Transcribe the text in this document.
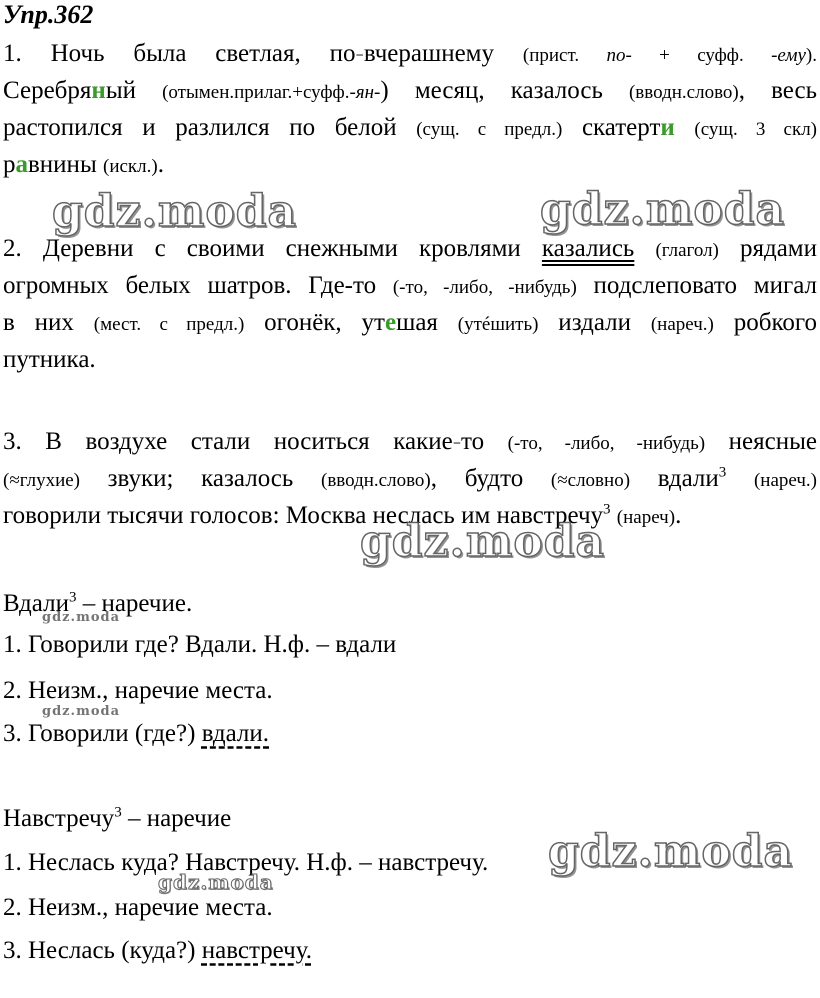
Упр.362
1. Ночь была светлая, по-вчерашнему (прист. по- + суфф. -ему).
Серебряный (отымен.прилаг.+суфф.-ян-) месяц, казалось (вводн.слово), весь
растопился и разлился по белой (сущ. с предл.) скатерти (сущ. 3 скл)
равнины (искл.).
2. Деревни с своими снежными кровлями казались (глагол) рядами
огромных белых шатров. Где-то (-то, -либо, -нибудь) подслеповато мигал
в них (мест. с предл.) огонёк, утешая (утéшить) издали (нареч.) робкого
путника.
3. В воздухе стали носиться какие-то (-то, -либо, -нибудь) неясные
(≈глухие) звуки; казалось (вводн.слово), будто (≈словно) вдали$^3$ (нареч.)
говорили тысячи голосов: Москва неслась им навстречу$^3$ (нареч).
Вдали$^3$ – наречие.
1. Говорили где? Вдали. Н.ф. – вдали
2. Неизм., наречие места.
3. Говорили (где?) вдали.
Навстречу$^3$ – наречие
1. Неслась куда? Навстречу. Н.ф. – навстречу.
2. Неизм., наречие места.
3. Неслась (куда?) навстречу.
gdz.moda	gdz.moda
gdz.moda
gdz.moda
gdz.moda
gdz.moda
gdz.moda
